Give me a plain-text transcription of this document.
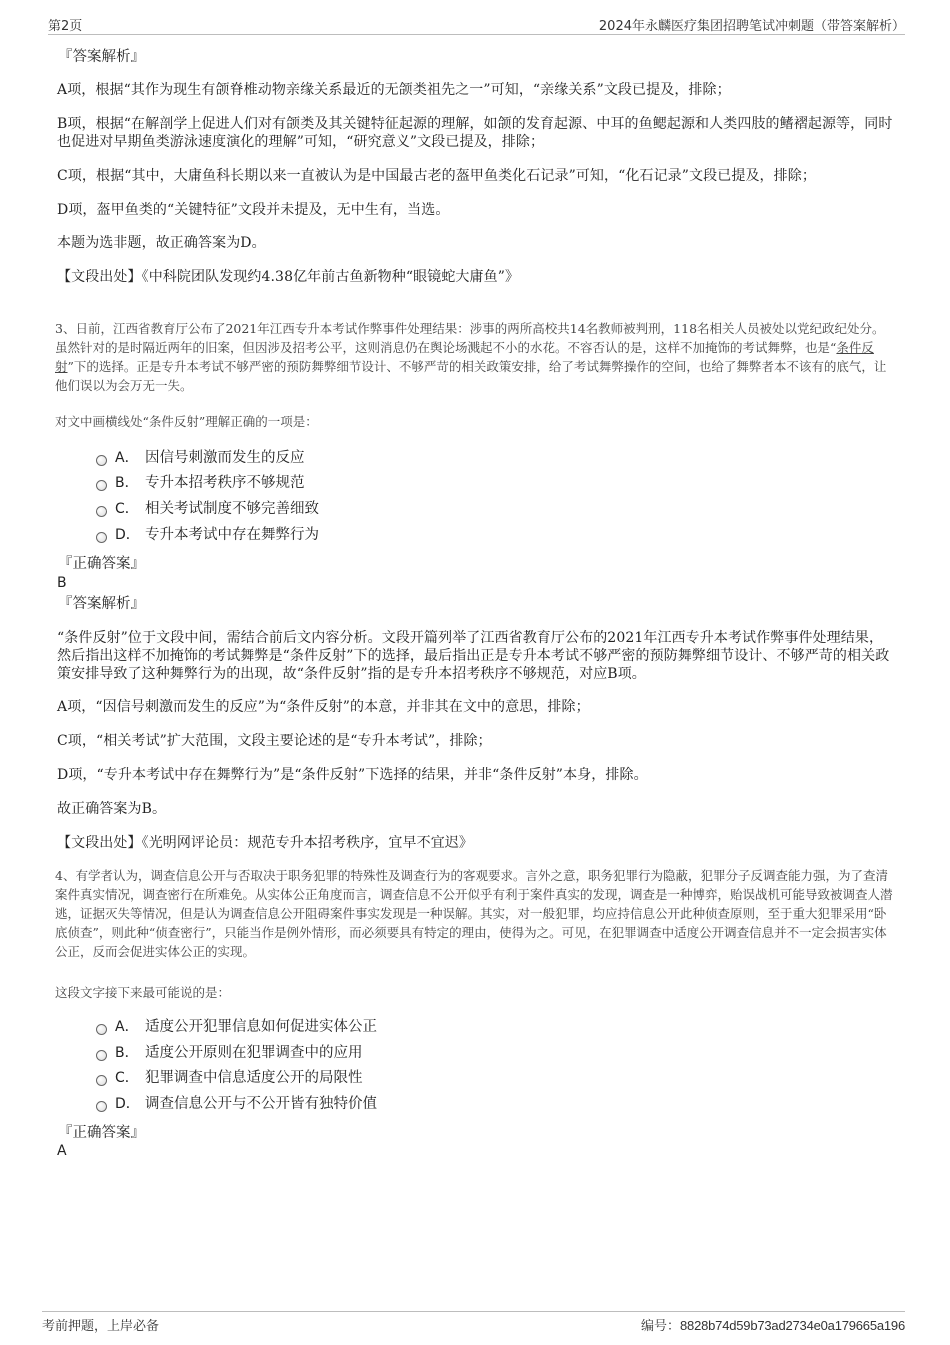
第2页	2024年永麟医疗集团招聘笔试冲刺题（带答案解析）
『答案解析』
A项，根据“其作为现生有颌脊椎动物亲缘关系最近的无颌类祖先之一”可知，“亲缘关系”文段已提及，排除；
B项，根据“在解剖学上促进人们对有颌类及其关键特征起源的理解，如颌的发育起源、中耳的鱼鳃起源和人类四肢的鳍褶起源等，同时也促进对早期鱼类游泳速度演化的理解”可知，“研究意义”文段已提及，排除；
C项，根据“其中，大庸鱼科长期以来一直被认为是中国最古老的盔甲鱼类化石记录”可知，“化石记录”文段已提及，排除；
D项，盔甲鱼类的“关键特征”文段并未提及，无中生有，当选。
本题为选非题，故正确答案为D。
【文段出处】《中科院团队发现约4.38亿年前古鱼新物种“眼镜蛇大庸鱼”》
3、日前，江西省教育厅公布了2021年江西专升本考试作弊事件处理结果：涉事的两所高校共14名教师被判刑，118名相关人员被处以党纪政纪处分。虽然针对的是时隔近两年的旧案，但因涉及招考公平，这则消息仍在舆论场溅起不小的水花。不容否认的是，这样不加掩饰的考试舞弊，也是“条件反射”下的选择。正是专升本考试不够严密的预防舞弊细节设计、不够严苛的相关政策安排，给了考试舞弊操作的空间，也给了舞弊者本不该有的底气，让他们误以为会万无一失。
对文中画横线处“条件反射”理解正确的一项是：
A． 因信号刺激而发生的反应
B． 专升本招考秩序不够规范
C． 相关考试制度不够完善细致
D． 专升本考试中存在舞弊行为
『正确答案』
B
『答案解析』
“条件反射”位于文段中间，需结合前后文内容分析。文段开篇列举了江西省教育厅公布的2021年江西专升本考试作弊事件处理结果，然后指出这样不加掩饰的考试舞弊是“条件反射”下的选择，最后指出正是专升本考试不够严密的预防舞弊细节设计、不够严苛的相关政策安排导致了这种舞弊行为的出现，故“条件反射”指的是专升本招考秩序不够规范，对应B项。
A项，“因信号刺激而发生的反应”为“条件反射”的本意，并非其在文中的意思，排除；
C项，“相关考试”扩大范围，文段主要论述的是“专升本考试”，排除；
D项，“专升本考试中存在舞弊行为”是“条件反射”下选择的结果，并非“条件反射”本身，排除。
故正确答案为B。
【文段出处】《光明网评论员：规范专升本招考秩序，宜早不宜迟》
4、有学者认为，调查信息公开与否取决于职务犯罪的特殊性及调查行为的客观要求。言外之意，职务犯罪行为隐蔽，犯罪分子反调查能力强，为了查清案件真实情况，调查密行在所难免。从实体公正角度而言，调查信息不公开似乎有利于案件真实的发现，调查是一种博弈，贻误战机可能导致被调查人潜逃，证据灭失等情况，但是认为调查信息公开阻碍案件事实发现是一种误解。其实，对一般犯罪，均应持信息公开此种侦查原则，至于重大犯罪采用“卧底侦查”，则此种“侦查密行”，只能当作是例外情形，而必须要具有特定的理由，使得为之。可见，在犯罪调查中适度公开调查信息并不一定会损害实体公正，反而会促进实体公正的实现。
这段文字接下来最可能说的是：
A． 适度公开犯罪信息如何促进实体公正
B． 适度公开原则在犯罪调查中的应用
C． 犯罪调查中信息适度公开的局限性
D． 调查信息公开与不公开皆有独特价值
『正确答案』
A
考前押题，上岸必备	编号：8828b74d59b73ad2734e0a179665a196
